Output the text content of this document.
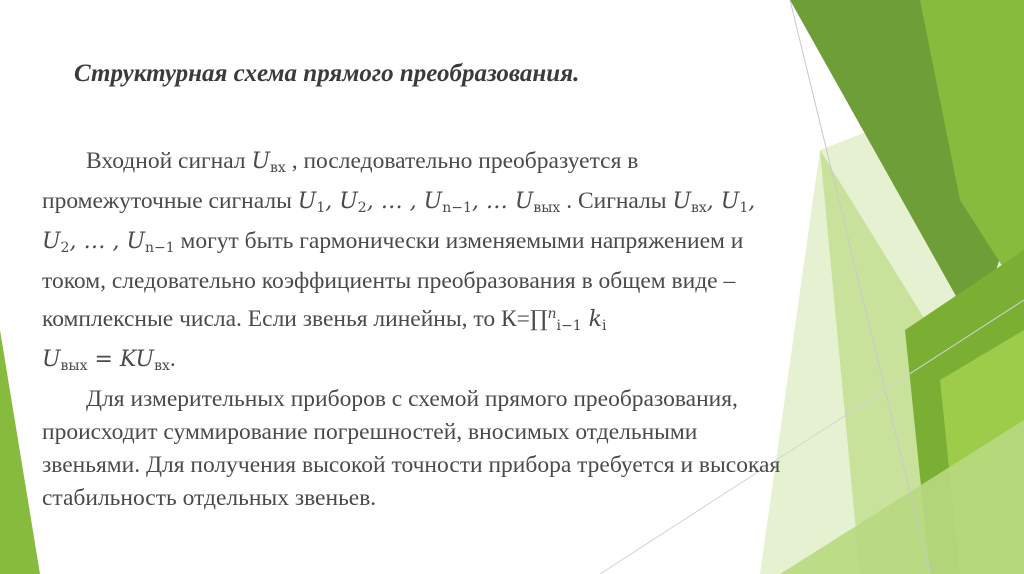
Структурная схема прямого преобразования.

Входной сигнал $U_{вх}$ , последовательно преобразуется в промежуточные сигналы $U_1$, $U_2$, … , $U_{n-1}$, … $U_{вых}$ . Сигналы $U_{вх}$, $U_1$, $U_2$, … , $U_{n-1}$ могут быть гармонически изменяемыми напряжением и током, следовательно коэффициенты преобразования в общем виде – комплексные числа. Если звенья линейны, то К=∏$^n_{i-1}$ $k_i$
$U_{вых} = KU_{вх}$.

Для измерительных приборов с схемой прямого преобразования, происходит суммирование погрешностей, вносимых отдельными звеньями. Для получения высокой точности прибора требуется и высокая стабильность отдельных звеньев.
